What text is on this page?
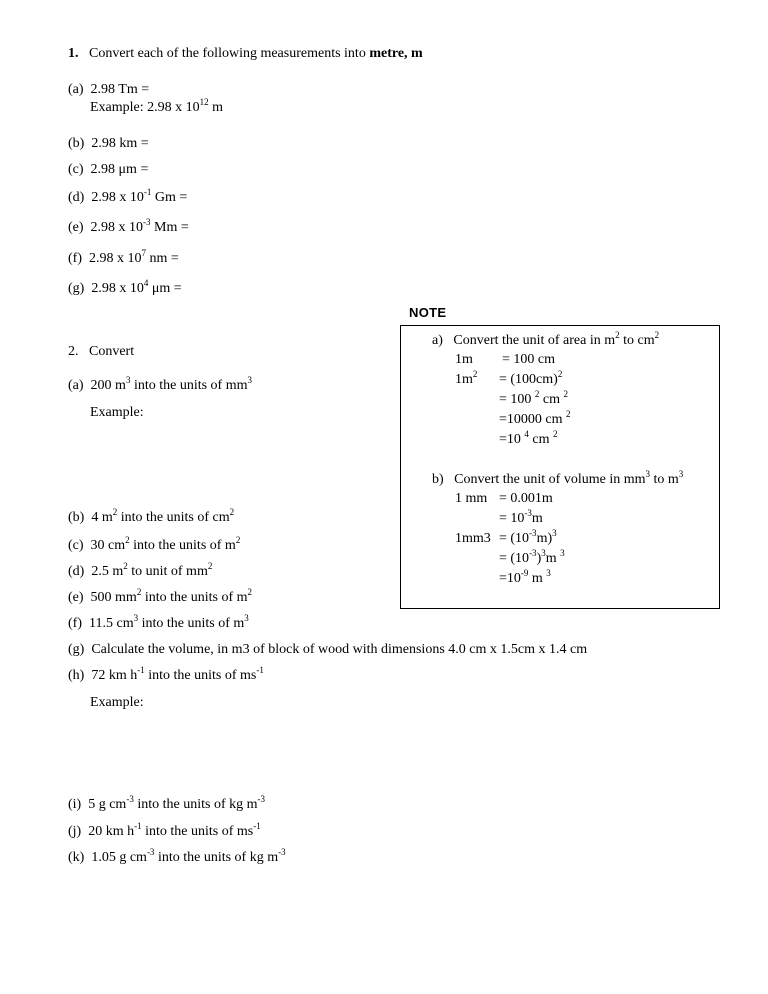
1. Convert each of the following measurements into metre, m
(a) 2.98 Tm =
Example: 2.98 x $10^{12}$ m
(b) 2.98 km =
(c) 2.98 μm =
(d) 2.98 x $10^{-1}$ Gm =
(e) 2.98 x $10^{-3}$ Mm =
(f) 2.98 x $10^7$ nm =
(g) 2.98 x $10^4$ μm =
NOTE
a) Convert the unit of area in $m^2$ to $cm^2$
1m = 100 cm
$1m^2 = (100cm)^2$
= 100 $^2$ cm $^2$
=10000 cm $^2$
=10 $^4$ cm $^2$
b) Convert the unit of volume in $mm^3$ to $m^3$
1 mm = 0.001m
= $10^{-3}m$
$1mm3 = (10^{-3}m)^3$
= $(10^{-3})^3m$ $^3$
$=10^{-9}$ m $^3$
2. Convert
(a) 200 $m^3$ into the units of $mm^3$
Example:
(b) 4 $m^2$ into the units of $cm^2$
(c) 30 $cm^2$ into the units of $m^2$
(d) 2.5 $m^2$ to unit of $mm^2$
(e) 500 $mm^2$ into the units of $m^2$
(f) 11.5 $cm^3$ into the units of $m^3$
(g) Calculate the volume, in m3 of block of wood with dimensions 4.0 cm x 1.5cm x 1.4 cm
(h) 72 km $h^{-1}$ into the units of $ms^{-1}$
Example:
(i) 5 g $cm^{-3}$ into the units of kg $m^{-3}$
(j) 20 km $h^{-1}$ into the units of $ms^{-1}$
(k) 1.05 g $cm^{-3}$ into the units of kg $m^{-3}$
